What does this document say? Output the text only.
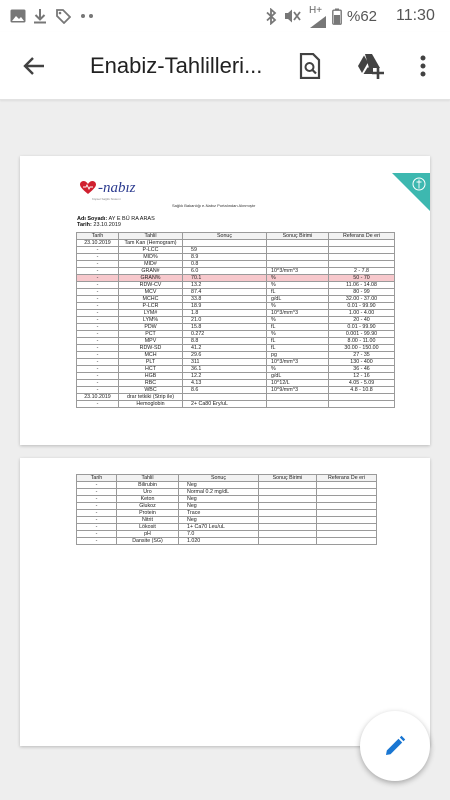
H+ %62 11:30
Enabiz-Tahlilleri...
-nabız
Kişisel Sağlık Sistemi
Sağlık Bakanlığı e-Nabız Portalından Alınmıştır
Adı Soyadı: AY E BÜ RA ARAS
Tarih: 23.10.2019
Tarih	Tahlil	Sonuç	Sonuç Birimi	Referans De eri
23.10.2019	Tam Kan (Hemogram)			
-	P-LCC	59		
-	MID%	8.9		
-	MID#	0.8		
-	GRAN#	6.0	10^3/mm^3	2 - 7.8
-	GRAN%	70.1	%	50 - 70
-	RDW-CV	13.2	%	11.06 - 14.08
-	MCV	87.4	fL	80 - 99
-	MCHC	33.8	g/dL	32.00 - 37.00
-	P-LCR	18.9	%	0.01 - 99.90
-	LYM#	1.8	10^3/mm^3	1.00 - 4.00
-	LYM%	21.0	%	20 - 40
-	PDW	15.8	fL	0.01 - 99.90
-	PCT	0.272	%	0.001 - 99.90
-	MPV	8.8	fL	8.00 - 11.00
-	RDW-SD	41.2	fL	30.00 - 150.00
-	MCH	29.6	pg	27 - 35
-	PLT	311	10^3/mm^3	130 - 400
-	HCT	36.1	%	36 - 46
-	HGB	12.2	g/dL	12 - 16
-	RBC	4.13	10^12/L	4.05 - 5.09
-	WBC	8.6	10^9/mm^3	4.8 - 10.8
23.10.2019	drar tetkiki (Strip ile)			
-	Hemoglobin	2+ Ca80 Ery/uL		
Tarih	Tahlil	Sonuç	Sonuç Birimi	Referans De eri
-	Bilirubin	Neg		
-	Üro	Normal 0.2 mg/dL		
-	Keton	Neg		
-	Glukoz	Neg		
-	Protein	Trace		
-	Nitrit	Neg		
-	Lökosit	1+ Ca70 Leu/uL		
-	pH	7.0		
-	Dansite (SG)	1.020		
